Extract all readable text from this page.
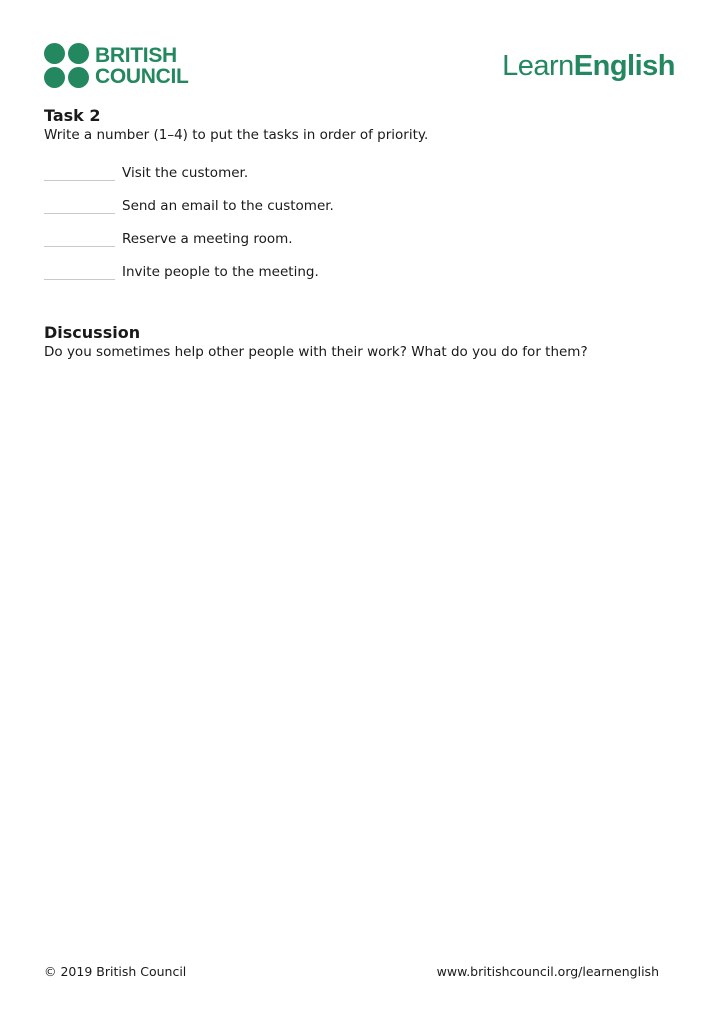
BRITISH
COUNCIL	LearnEnglish
Task 2

Write a number (1–4) to put the tasks in order of priority.

Visit the customer.
Send an email to the customer.
Reserve a meeting room.
Invite people to the meeting.
Discussion

Do you sometimes help other people with their work? What do you do for them?

© 2019 British Council	www.britishcouncil.org/learnenglish
